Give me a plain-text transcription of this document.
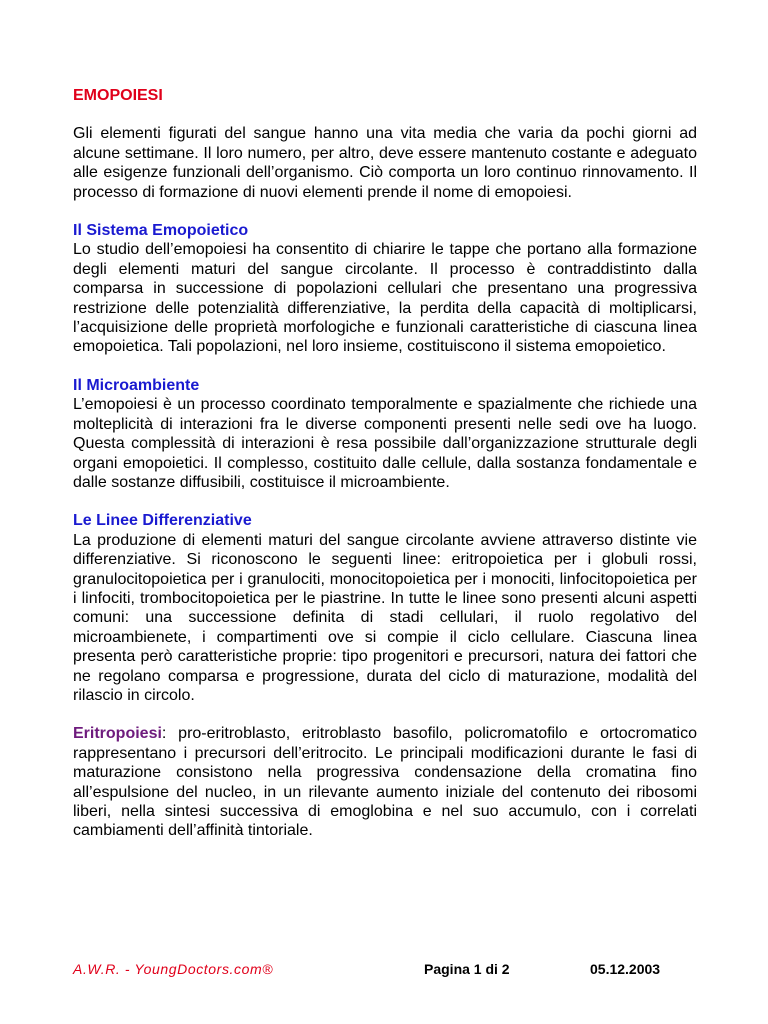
EMOPOIESI

Gli elementi figurati del sangue hanno una vita media che varia da pochi giorni ad alcune settimane. Il loro numero, per altro, deve essere mantenuto costante e adeguato alle esigenze funzionali dell’organismo. Ciò comporta un loro continuo rinnovamento. Il processo di formazione di nuovi elementi prende il nome di emopoiesi.

Il Sistema Emopoietico

Lo studio dell’emopoiesi ha consentito di chiarire le tappe che portano alla formazione degli elementi maturi del sangue circolante. Il processo è contraddistinto dalla comparsa in successione di popolazioni cellulari che presentano una progressiva restrizione delle potenzialità differenziative, la perdita della capacità di moltiplicarsi, l’acquisizione delle proprietà morfologiche e funzionali caratteristiche di ciascuna linea emopoietica. Tali popolazioni, nel loro insieme, costituiscono il sistema emopoietico.

Il Microambiente

L’emopoiesi è un processo coordinato temporalmente e spazialmente che richiede una molteplicità di interazioni fra le diverse componenti presenti nelle sedi ove ha luogo. Questa complessità di interazioni è resa possibile dall’organizzazione strutturale degli organi emopoietici. Il complesso, costituito dalle cellule, dalla sostanza fondamentale e dalle sostanze diffusibili, costituisce il microambiente.

Le Linee Differenziative

La produzione di elementi maturi del sangue circolante avviene attraverso distinte vie differenziative. Si riconoscono le seguenti linee: eritropoietica per i globuli rossi, granulocitopoietica per i granulociti, monocitopoietica per i monociti, linfocitopoietica per i linfociti, trombocitopoietica per le piastrine. In tutte le linee sono presenti alcuni aspetti comuni: una successione definita di stadi cellulari, il ruolo regolativo del microambienete, i compartimenti ove si compie il ciclo cellulare. Ciascuna linea presenta però caratteristiche proprie: tipo progenitori e precursori, natura dei fattori che ne regolano comparsa e progressione, durata del ciclo di maturazione, modalità del rilascio in circolo.

Eritropoiesi: pro-eritroblasto, eritroblasto basofilo, policromatofilo e ortocromatico rappresentano i precursori dell’eritrocito. Le principali modificazioni durante le fasi di maturazione consistono nella progressiva condensazione della cromatina fino all’espulsione del nucleo, in un rilevante aumento iniziale del contenuto dei ribosomi liberi, nella sintesi successiva di emoglobina e nel suo accumulo, con i correlati cambiamenti dell’affinità tintoriale.

A.W.R. - YoungDoctors.com®	Pagina 1 di 2	05.12.2003
